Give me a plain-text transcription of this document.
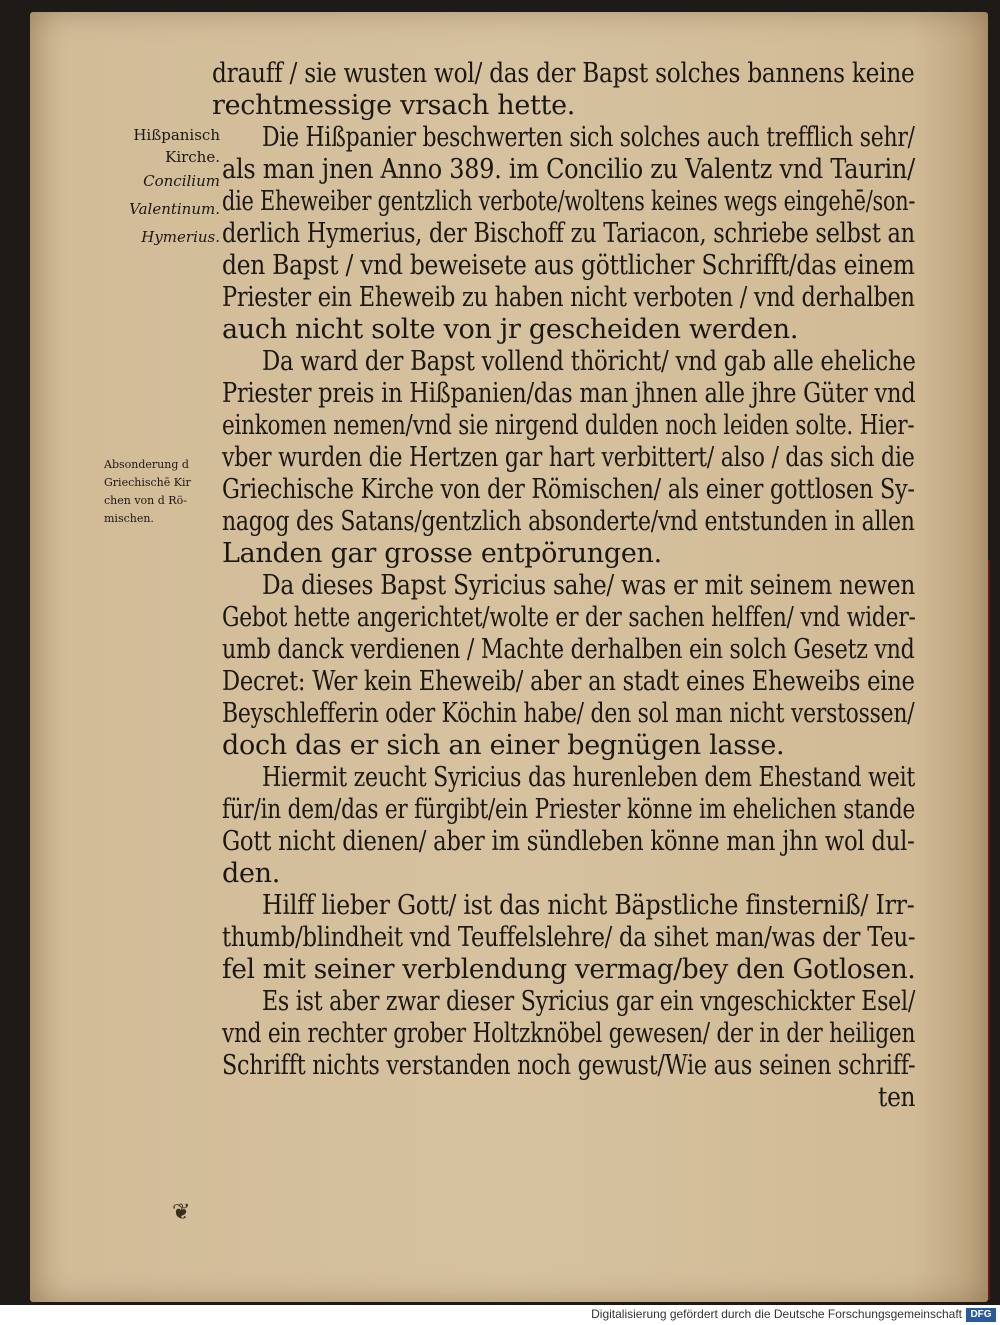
drauff / sie wusten wol/ das der Bapst solches bannens keine
rechtmessige vrsach hette.
Die Hißpanier beschwerten sich solches auch trefflich sehr/
als man jnen Anno 389. im Concilio zu Valentz vnd Taurin/
die Eheweiber gentzlich verbote/woltens keines wegs eingehē/son-
derlich Hymerius, der Bischoff zu Tariacon, schriebe selbst an
den Bapst / vnd beweisete aus göttlicher Schrifft/das einem
Priester ein Eheweib zu haben nicht verboten / vnd derhalben
auch nicht solte von jr gescheiden werden.
Da ward der Bapst vollend thöricht/ vnd gab alle eheliche
Priester preis in Hißpanien/das man jhnen alle jhre Güter vnd
einkomen nemen/vnd sie nirgend dulden noch leiden solte. Hier-
vber wurden die Hertzen gar hart verbittert/ also / das sich die
Griechische Kirche von der Römischen/ als einer gottlosen Sy-
nagog des Satans/gentzlich absonderte/vnd entstunden in allen
Landen gar grosse entpörungen.
Da dieses Bapst Syricius sahe/ was er mit seinem newen
Gebot hette angerichtet/wolte er der sachen helffen/ vnd wider-
umb danck verdienen / Machte derhalben ein solch Gesetz vnd
Decret: Wer kein Eheweib/ aber an stadt eines Eheweibs eine
Beyschlefferin oder Köchin habe/ den sol man nicht verstossen/
doch das er sich an einer begnügen lasse.
Hiermit zeucht Syricius das hurenleben dem Ehestand weit
für/in dem/das er fürgibt/ein Priester könne im ehelichen stande
Gott nicht dienen/ aber im sündleben könne man jhn wol dul-
den.
Hilff lieber Gott/ ist das nicht Bäpstliche finsterniß/ Irr-
thumb/blindheit vnd Teuffelslehre/ da sihet man/was der Teu-
fel mit seiner verblendung vermag/bey den Gotlosen.
Es ist aber zwar dieser Syricius gar ein vngeschickter Esel/
vnd ein rechter grober Holtzknöbel gewesen/ der in der heiligen
Schrifft nichts verstanden noch gewust/Wie aus seinen schriff-
ten
Hißpanisch
Kirche.
Concilium
Valentinum.
Hymerius.
Absonderung d
Griechischē Kir
chen von d Rö-
mischen.
❦
Digitalisierung gefördert durch die Deutsche Forschungsgemeinschaft DFG
